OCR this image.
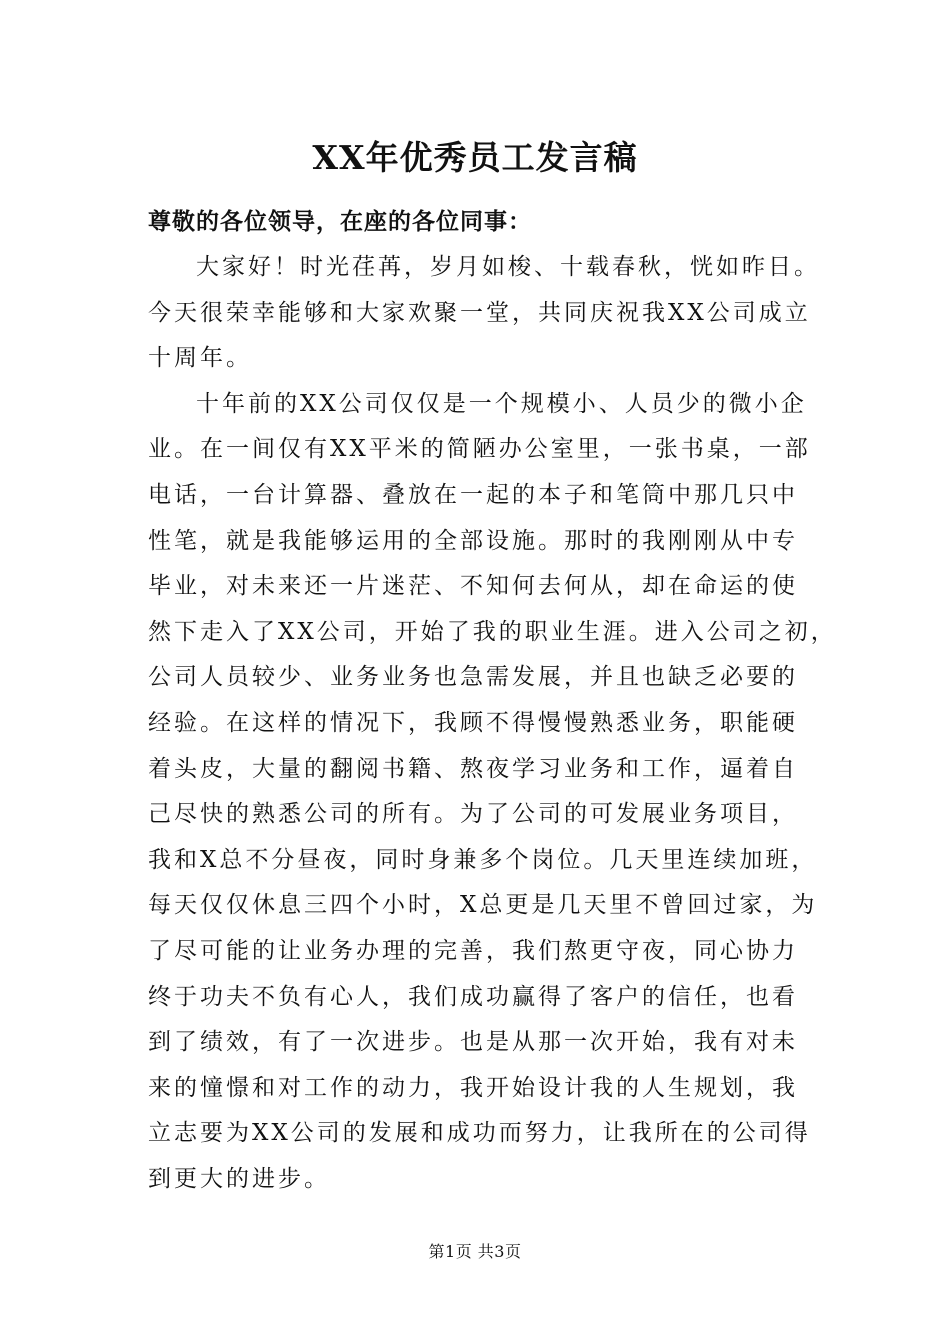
XX年优秀员工发言稿
尊敬的各位领导，在座的各位同事：
大家好！时光荏苒，岁月如梭、十载春秋，恍如昨日。
今天很荣幸能够和大家欢聚一堂，共同庆祝我XX公司成立
十周年。
十年前的XX公司仅仅是一个规模小、人员少的微小企
业。在一间仅有XX平米的简陋办公室里，一张书桌，一部
电话，一台计算器、叠放在一起的本子和笔筒中那几只中
性笔，就是我能够运用的全部设施。那时的我刚刚从中专
毕业，对未来还一片迷茫、不知何去何从，却在命运的使
然下走入了XX公司，开始了我的职业生涯。进入公司之初，
公司人员较少、业务业务也急需发展，并且也缺乏必要的
经验。在这样的情况下，我顾不得慢慢熟悉业务，职能硬
着头皮，大量的翻阅书籍、熬夜学习业务和工作，逼着自
己尽快的熟悉公司的所有。为了公司的可发展业务项目，
我和X总不分昼夜，同时身兼多个岗位。几天里连续加班，
每天仅仅休息三四个小时，X总更是几天里不曾回过家，为
了尽可能的让业务办理的完善，我们熬更守夜，同心协力
终于功夫不负有心人，我们成功赢得了客户的信任，也看
到了绩效，有了一次进步。也是从那一次开始，我有对未
来的憧憬和对工作的动力，我开始设计我的人生规划，我
立志要为XX公司的发展和成功而努力，让我所在的公司得
到更大的进步。
第1页 共3页
